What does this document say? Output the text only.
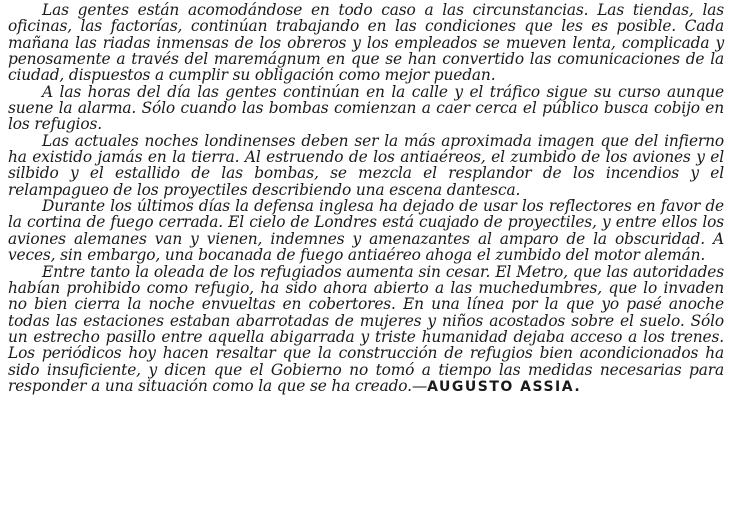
Las gentes están acomodándose en todo caso a las circunstancias. Las tiendas, las oficinas, las factorías, continúan trabajando en las condiciones que les es posible. Cada mañana las riadas inmensas de los obreros y los empleados se mueven lenta, complicada y penosamente a través del maremágnum en que se han convertido las comunicaciones de la ciudad, dispuestos a cumplir su obligación como mejor puedan.

A las horas del día las gentes continúan en la calle y el tráfico sigue su curso aunque suene la alarma. Sólo cuando las bombas comienzan a caer cerca el público busca cobijo en los refugios.

Las actuales noches londinenses deben ser la más aproximada imagen que del infierno ha existido jamás en la tierra. Al estruendo de los antiaéreos, el zumbido de los aviones y el silbido y el estallido de las bombas, se mezcla el resplandor de los incendios y el relampagueo de los proyectiles describiendo una escena dantesca.

Durante los últimos días la defensa inglesa ha dejado de usar los reflectores en favor de la cortina de fuego cerrada. El cielo de Londres está cuajado de proyectiles, y entre ellos los aviones alemanes van y vienen, indemnes y amenazantes al amparo de la obscuridad. A veces, sin embargo, una bocanada de fuego antiaéreo ahoga el zumbido del motor alemán.

Entre tanto la oleada de los refugiados aumenta sin cesar. El Metro, que las autoridades habían prohibido como refugio, ha sido ahora abierto a las muchedumbres, que lo invaden no bien cierra la noche envueltas en cobertores. En una línea por la que yo pasé anoche todas las estaciones estaban abarrotadas de mujeres y niños acostados sobre el suelo. Sólo un estrecho pasillo entre aquella abigarrada y triste humanidad dejaba acceso a los trenes. Los periódicos hoy hacen resaltar que la construcción de refugios bien acondicionados ha sido insuficiente, y dicen que el Gobierno no tomó a tiempo las medidas necesarias para responder a una situación como la que se ha creado.—AUGUSTO ASSIA.
